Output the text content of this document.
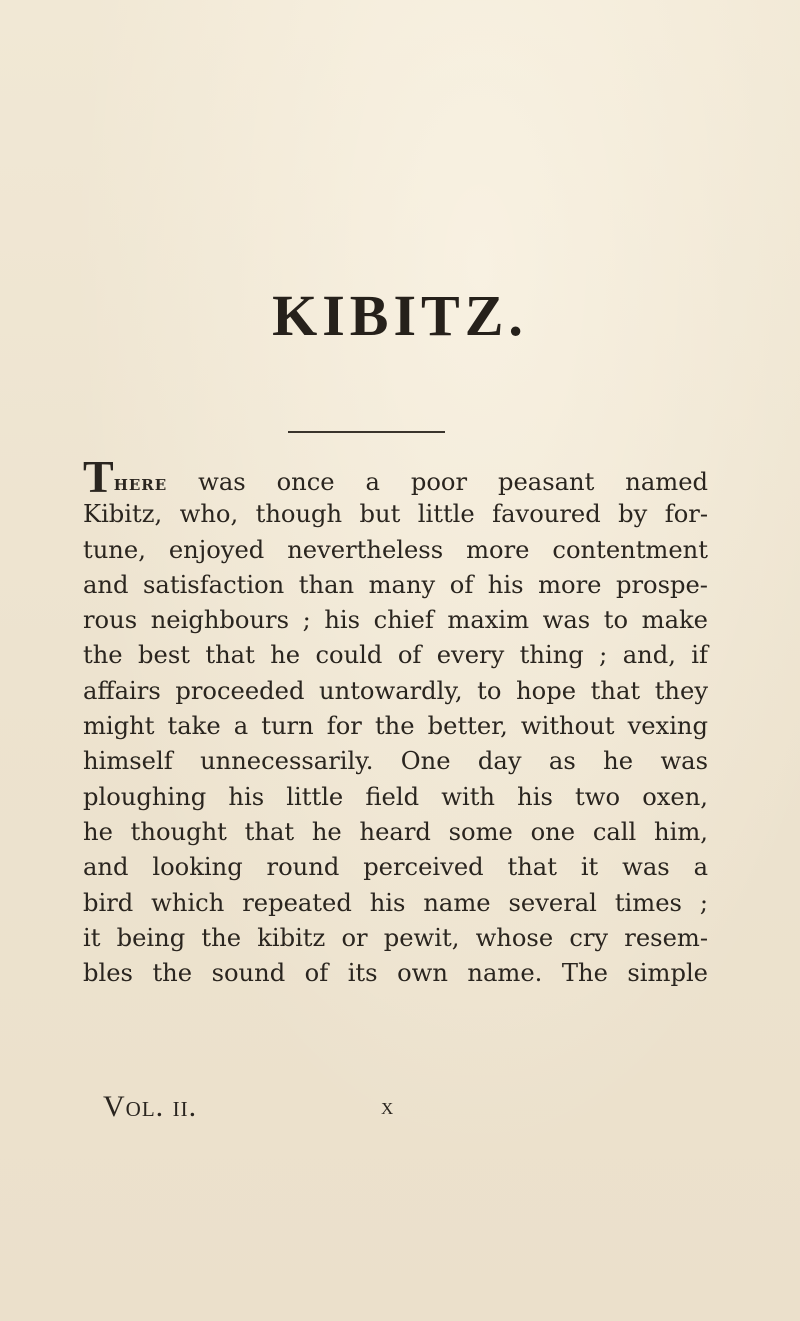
KIBITZ.
There was once a poor peasant named
Kibitz, who, though but little favoured by for-
tune, enjoyed nevertheless more contentment
and satisfaction than many of his more prospe-
rous neighbours ; his chief maxim was to make
the best that he could of every thing ; and, if
affairs proceeded untowardly, to hope that they
might take a turn for the better, without vexing
himself unnecessarily. One day as he was
ploughing his little field with his two oxen,
he thought that he heard some one call him,
and looking round perceived that it was a
bird which repeated his name several times ;
it being the kibitz or pewit, whose cry resem-
bles the sound of its own name. The simple
Vol. ii.	x
